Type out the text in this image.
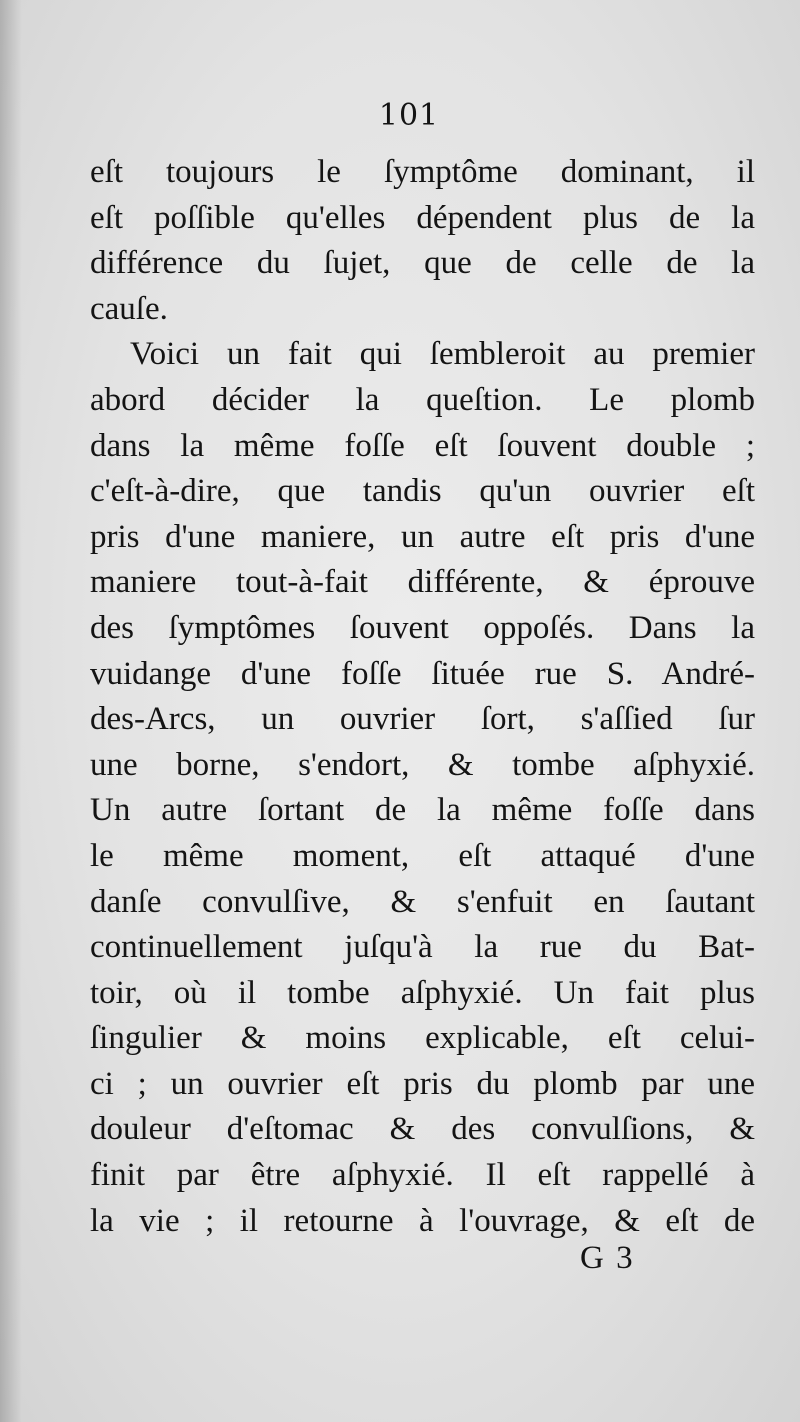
101
eſt toujours le ſymptôme dominant, il
eſt poſſible qu'elles dépendent plus de la
différence du ſujet, que de celle de la
cauſe.
Voici un fait qui ſembleroit au premier
abord décider la queſtion. Le plomb
dans la même foſſe eſt ſouvent double ;
c'eſt-à-dire, que tandis qu'un ouvrier eſt
pris d'une maniere, un autre eſt pris d'une
maniere tout-à-fait différente, & éprouve
des ſymptômes ſouvent oppoſés. Dans la
vuidange d'une foſſe ſituée rue S. André-
des-Arcs, un ouvrier ſort, s'aſſied ſur
une borne, s'endort, & tombe aſphyxié.
Un autre ſortant de la même foſſe dans
le même moment, eſt attaqué d'une
danſe convulſive, & s'enfuit en ſautant
continuellement juſqu'à la rue du Bat-
toir, où il tombe aſphyxié. Un fait plus
ſingulier & moins explicable, eſt celui-
ci ; un ouvrier eſt pris du plomb par une
douleur d'eſtomac & des convulſions, &
finit par être aſphyxié. Il eſt rappellé à
la vie ; il retourne à l'ouvrage, & eſt de
G 3
